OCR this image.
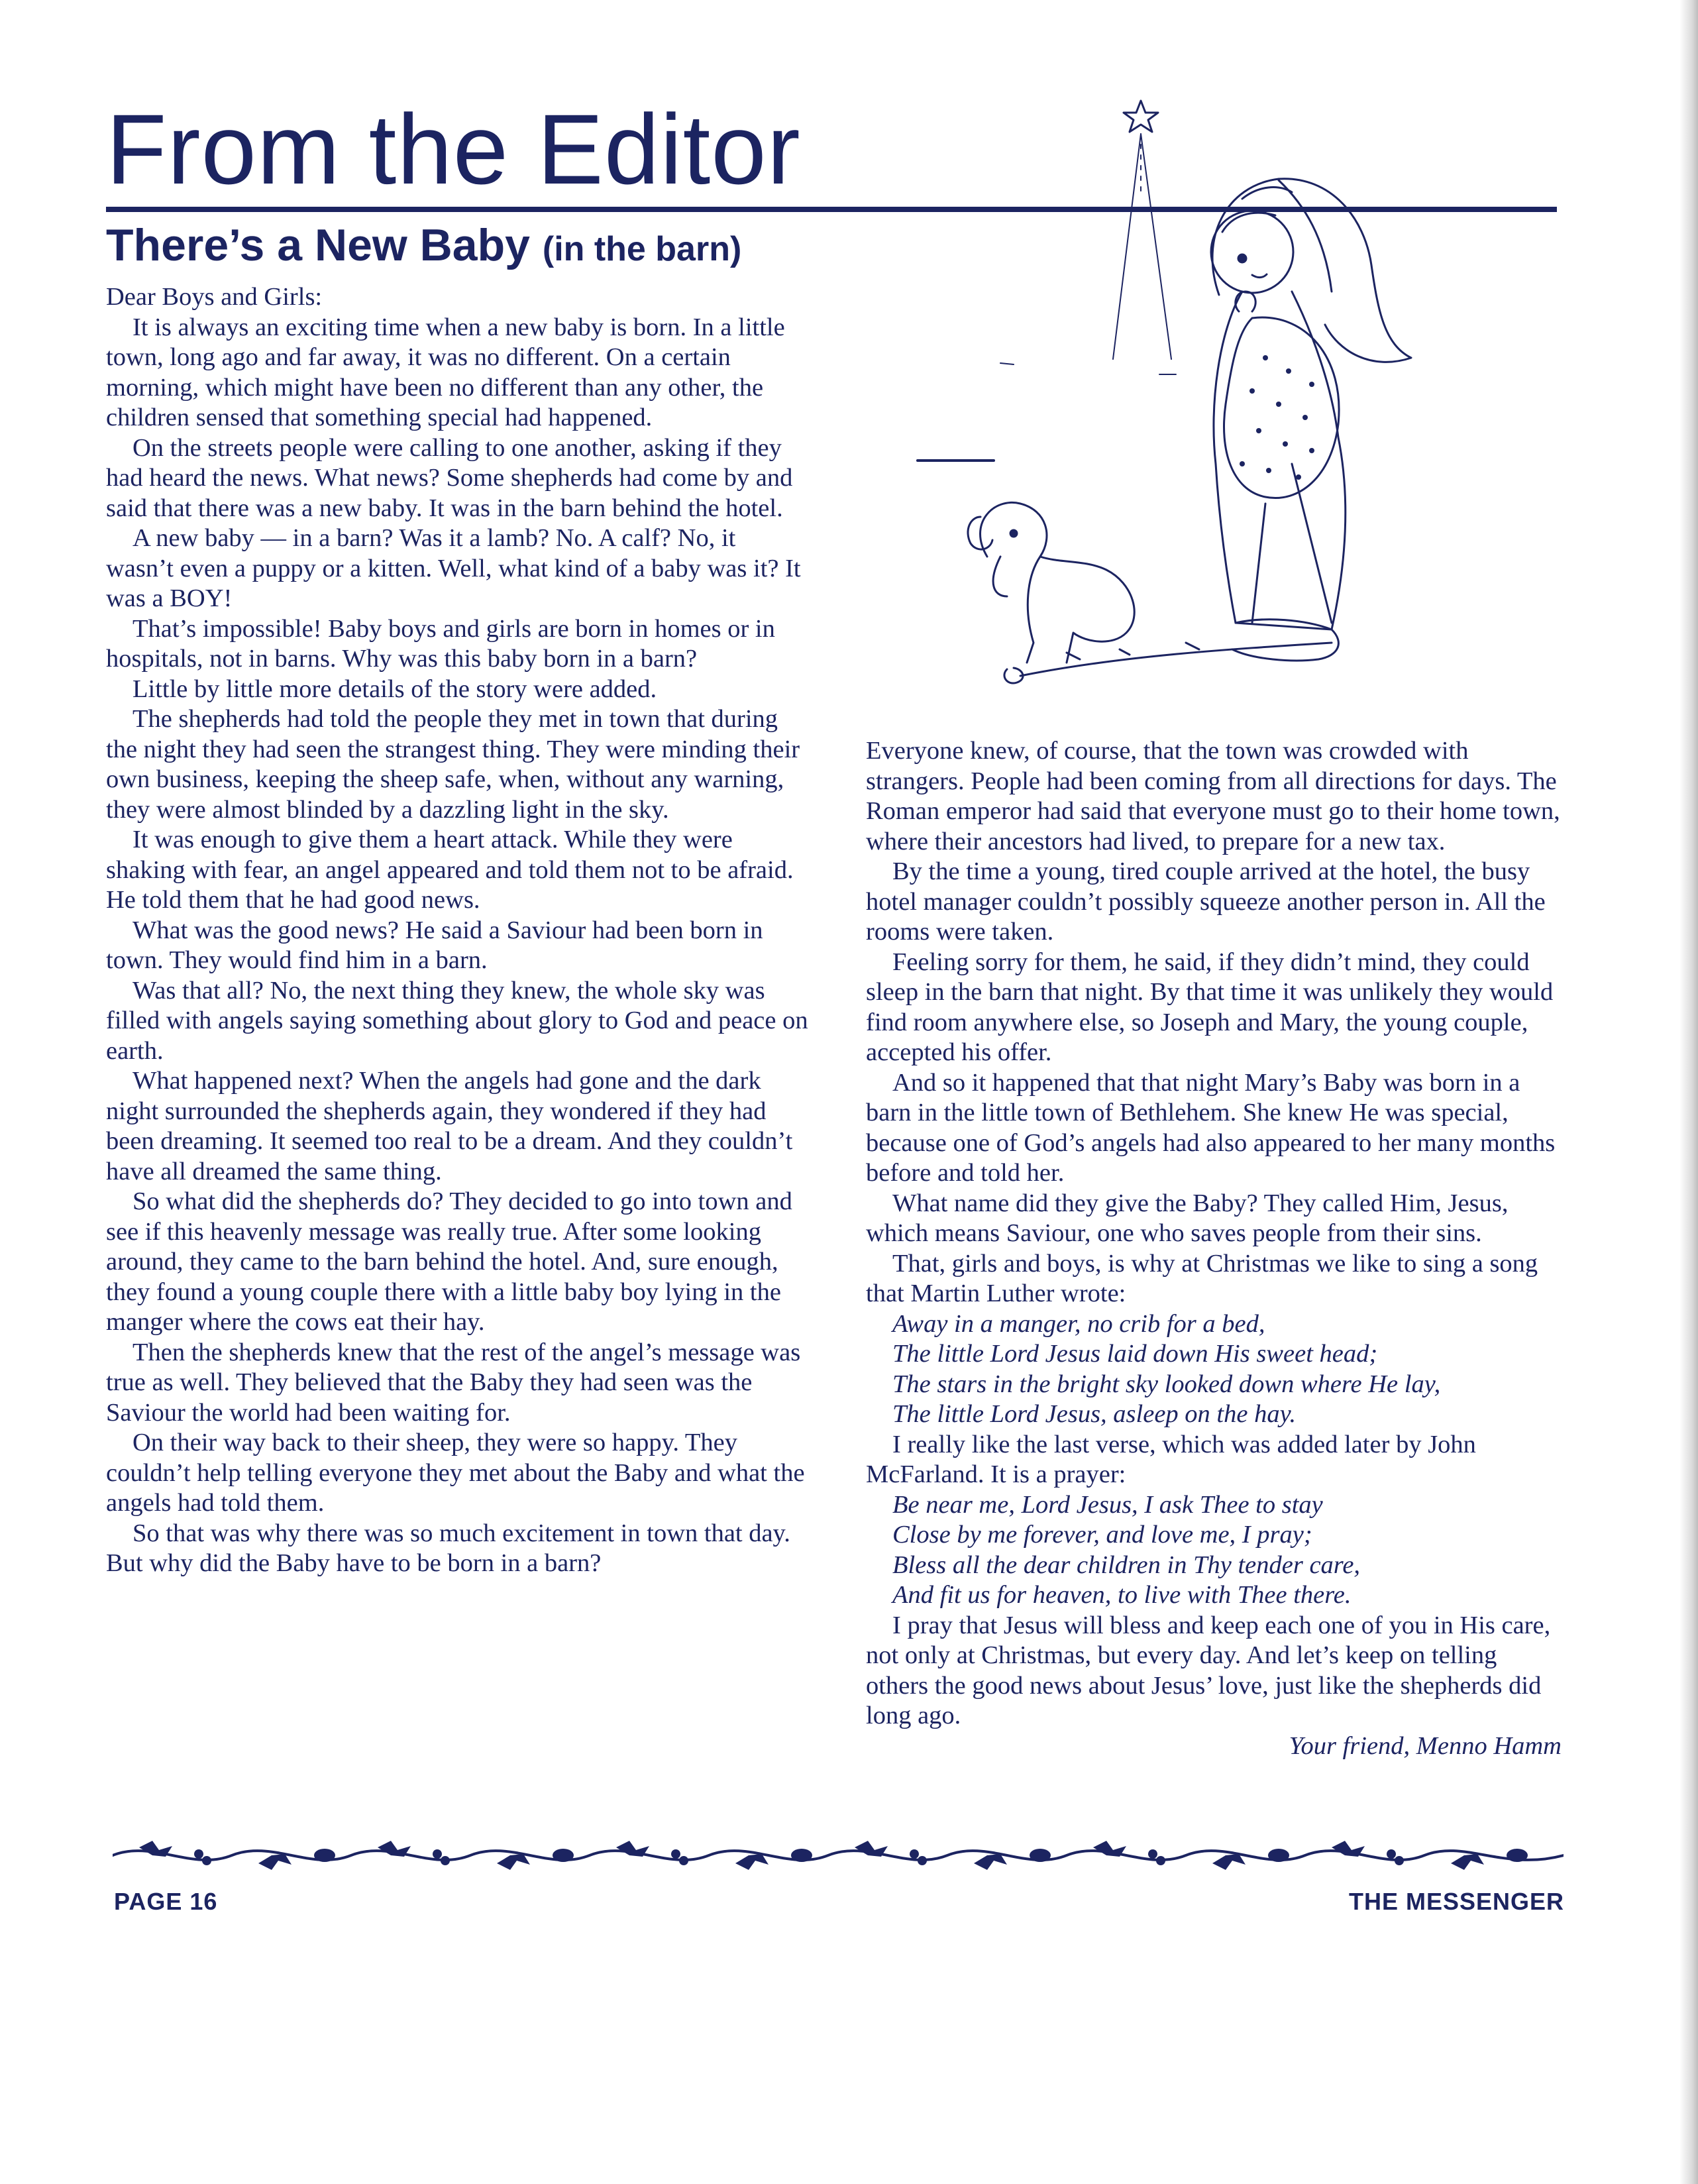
From the Editor
There’s a New Baby (in the barn)

Dear Boys and Girls:

It is always an exciting time when a new baby is born. In a little town, long ago and far away, it was no different. On a certain morning, which might have been no different than any other, the children sensed that something special had happened.

On the streets people were calling to one another, asking if they had heard the news. What news? Some shepherds had come by and said that there was a new baby. It was in the barn behind the hotel.

A new baby — in a barn? Was it a lamb? No. A calf? No, it wasn’t even a puppy or a kitten. Well, what kind of a baby was it? It was a BOY!

That’s impossible! Baby boys and girls are born in homes or in hospitals, not in barns. Why was this baby born in a barn?

Little by little more details of the story were added.

The shepherds had told the people they met in town that during the night they had seen the strangest thing. They were minding their own business, keeping the sheep safe, when, without any warning, they were almost blinded by a dazzling light in the sky.

It was enough to give them a heart attack. While they were shaking with fear, an angel appeared and told them not to be afraid. He told them that he had good news.

What was the good news? He said a Saviour had been born in town. They would find him in a barn.

Was that all? No, the next thing they knew, the whole sky was filled with angels saying something about glory to God and peace on earth.

What happened next? When the angels had gone and the dark night surrounded the shepherds again, they wondered if they had been dreaming. It seemed too real to be a dream. And they couldn’t have all dreamed the same thing.

So what did the shepherds do? They decided to go into town and see if this heavenly message was really true. After some looking around, they came to the barn behind the hotel. And, sure enough, they found a young couple there with a little baby boy lying in the manger where the cows eat their hay.

Then the shepherds knew that the rest of the angel’s message was true as well. They believed that the Baby they had seen was the Saviour the world had been waiting for.

On their way back to their sheep, they were so happy. They couldn’t help telling everyone they met about the Baby and what the angels had told them.

So that was why there was so much excitement in town that day. But why did the Baby have to be born in a barn?

Everyone knew, of course, that the town was crowded with strangers. People had been coming from all directions for days. The Roman emperor had said that everyone must go to their home town, where their ancestors had lived, to prepare for a new tax.

By the time a young, tired couple arrived at the hotel, the busy hotel manager couldn’t possibly squeeze another person in. All the rooms were taken.

Feeling sorry for them, he said, if they didn’t mind, they could sleep in the barn that night. By that time it was unlikely they would find room anywhere else, so Joseph and Mary, the young couple, accepted his offer.

And so it happened that that night Mary’s Baby was born in a barn in the little town of Bethlehem. She knew He was special, because one of God’s angels had also appeared to her many months before and told her.

What name did they give the Baby? They called Him, Jesus, which means Saviour, one who saves people from their sins.

That, girls and boys, is why at Christmas we like to sing a song that Martin Luther wrote:

Away in a manger, no crib for a bed,

The little Lord Jesus laid down His sweet head;

The stars in the bright sky looked down where He lay,

The little Lord Jesus, asleep on the hay.

I really like the last verse, which was added later by John McFarland. It is a prayer:

Be near me, Lord Jesus, I ask Thee to stay

Close by me forever, and love me, I pray;

Bless all the dear children in Thy tender care,

And fit us for heaven, to live with Thee there.

I pray that Jesus will bless and keep each one of you in His care, not only at Christmas, but every day. And let’s keep on telling others the good news about Jesus’ love, just like the shepherds did long ago.

Your friend, Menno Hamm

PAGE 16	THE MESSENGER
